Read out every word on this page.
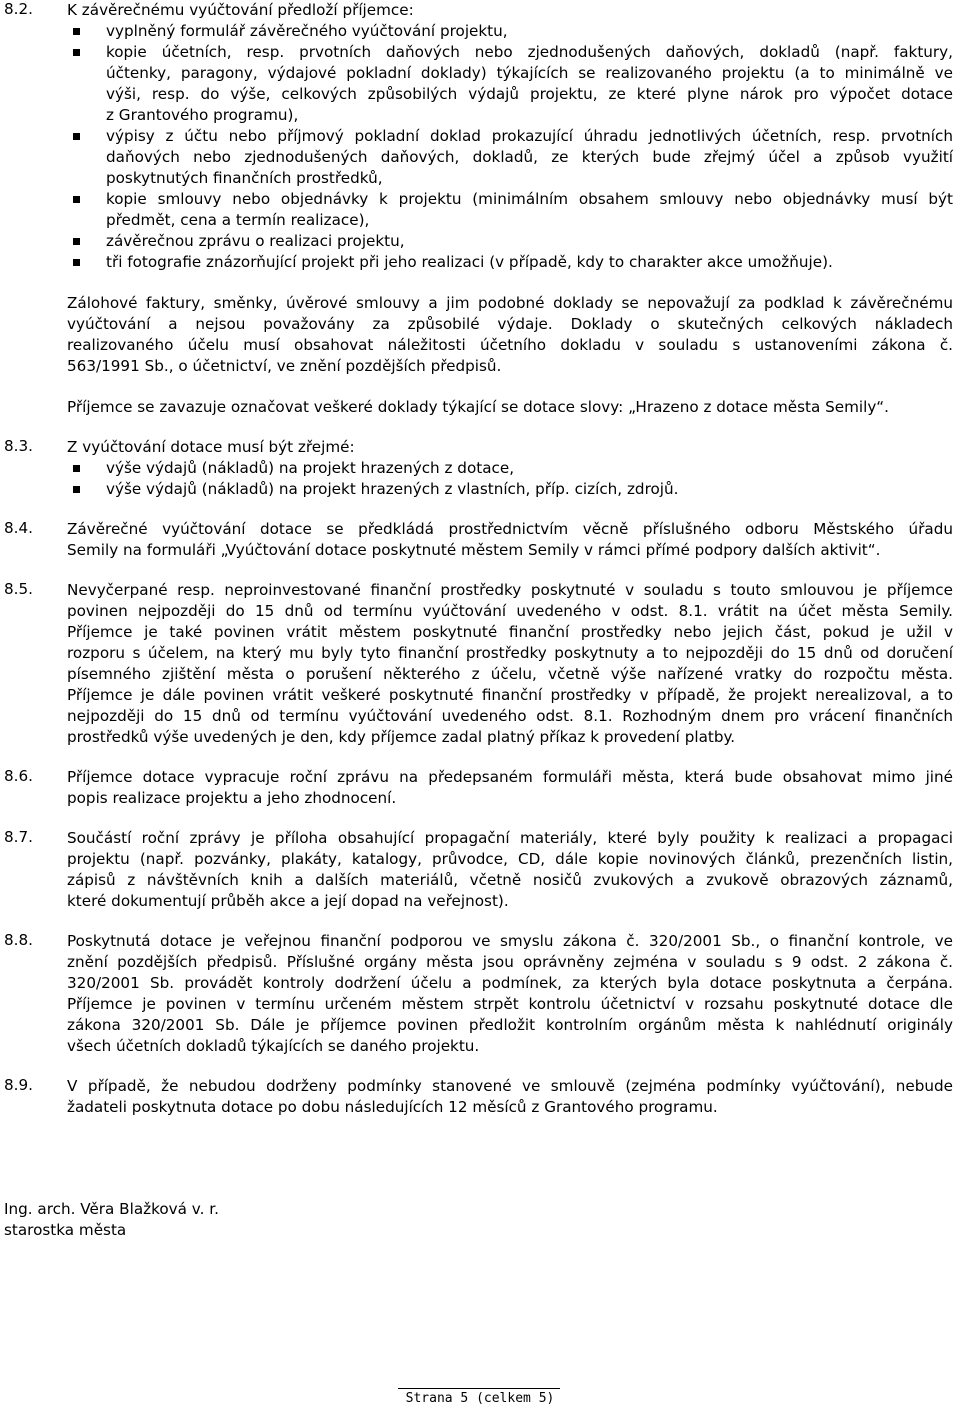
8.2. K závěrečnému vyúčtování předloží příjemce:
vyplněný formulář závěrečného vyúčtování projektu,
kopie účetních, resp. prvotních daňových nebo zjednodušených daňových, dokladů (např. faktury,
účtenky, paragony, výdajové pokladní doklady) týkajících se realizovaného projektu (a to minimálně ve
výši, resp. do výše, celkových způsobilých výdajů projektu, ze které plyne nárok pro výpočet dotace
z Grantového programu),
výpisy z účtu nebo příjmový pokladní doklad prokazující úhradu jednotlivých účetních, resp. prvotních
daňových nebo zjednodušených daňových, dokladů, ze kterých bude zřejmý účel a způsob využití
poskytnutých finančních prostředků,
kopie smlouvy nebo objednávky k projektu (minimálním obsahem smlouvy nebo objednávky musí být
předmět, cena a termín realizace),
závěrečnou zprávu o realizaci projektu,
tři fotografie znázorňující projekt při jeho realizaci (v případě, kdy to charakter akce umožňuje).
Zálohové faktury, směnky, úvěrové smlouvy a jim podobné doklady se nepovažují za podklad k závěrečnému
vyúčtování a nejsou považovány za způsobilé výdaje. Doklady o skutečných celkových nákladech
realizovaného účelu musí obsahovat náležitosti účetního dokladu v souladu s ustanoveními zákona č.
563/1991 Sb., o účetnictví, ve znění pozdějších předpisů.
Příjemce se zavazuje označovat veškeré doklady týkající se dotace slovy: „Hrazeno z dotace města Semily“.
8.3. Z vyúčtování dotace musí být zřejmé:
výše výdajů (nákladů) na projekt hrazených z dotace,
výše výdajů (nákladů) na projekt hrazených z vlastních, příp. cizích, zdrojů.
8.4. Závěrečné vyúčtování dotace se předkládá prostřednictvím věcně příslušného odboru Městského úřadu
Semily na formuláři „Vyúčtování dotace poskytnuté městem Semily v rámci přímé podpory dalších aktivit“.
8.5. Nevyčerpané resp. neproinvestované finanční prostředky poskytnuté v souladu s touto smlouvou je příjemce
povinen nejpozději do 15 dnů od termínu vyúčtování uvedeného v odst. 8.1. vrátit na účet města Semily.
Příjemce je také povinen vrátit městem poskytnuté finanční prostředky nebo jejich část, pokud je užil v
rozporu s účelem, na který mu byly tyto finanční prostředky poskytnuty a to nejpozději do 15 dnů od doručení
písemného zjištění města o porušení některého z účelu, včetně výše nařízené vratky do rozpočtu města.
Příjemce je dále povinen vrátit veškeré poskytnuté finanční prostředky v případě, že projekt nerealizoval, a to
nejpozději do 15 dnů od termínu vyúčtování uvedeného odst. 8.1. Rozhodným dnem pro vrácení finančních
prostředků výše uvedených je den, kdy příjemce zadal platný příkaz k provedení platby.
8.6. Příjemce dotace vypracuje roční zprávu na předepsaném formuláři města, která bude obsahovat mimo jiné
popis realizace projektu a jeho zhodnocení.
8.7. Součástí roční zprávy je příloha obsahující propagační materiály, které byly použity k realizaci a propagaci
projektu (např. pozvánky, plakáty, katalogy, průvodce, CD, dále kopie novinových článků, prezenčních listin,
zápisů z návštěvních knih a dalších materiálů, včetně nosičů zvukových a zvukově obrazových záznamů,
které dokumentují průběh akce a její dopad na veřejnost).
8.8. Poskytnutá dotace je veřejnou finanční podporou ve smyslu zákona č. 320/2001 Sb., o finanční kontrole, ve
znění pozdějších předpisů. Příslušné orgány města jsou oprávněny zejména v souladu s 9 odst. 2 zákona č.
320/2001 Sb. provádět kontroly dodržení účelu a podmínek, za kterých byla dotace poskytnuta a čerpána.
Příjemce je povinen v termínu určeném městem strpět kontrolu účetnictví v rozsahu poskytnuté dotace dle
zákona 320/2001 Sb. Dále je příjemce povinen předložit kontrolním orgánům města k nahlédnutí originály
všech účetních dokladů týkajících se daného projektu.
8.9. V případě, že nebudou dodrženy podmínky stanovené ve smlouvě (zejména podmínky vyúčtování), nebude
žadateli poskytnuta dotace po dobu následujících 12 měsíců z Grantového programu.
Ing. arch. Věra Blažková v. r.
starostka města
Strana 5 (celkem 5)
